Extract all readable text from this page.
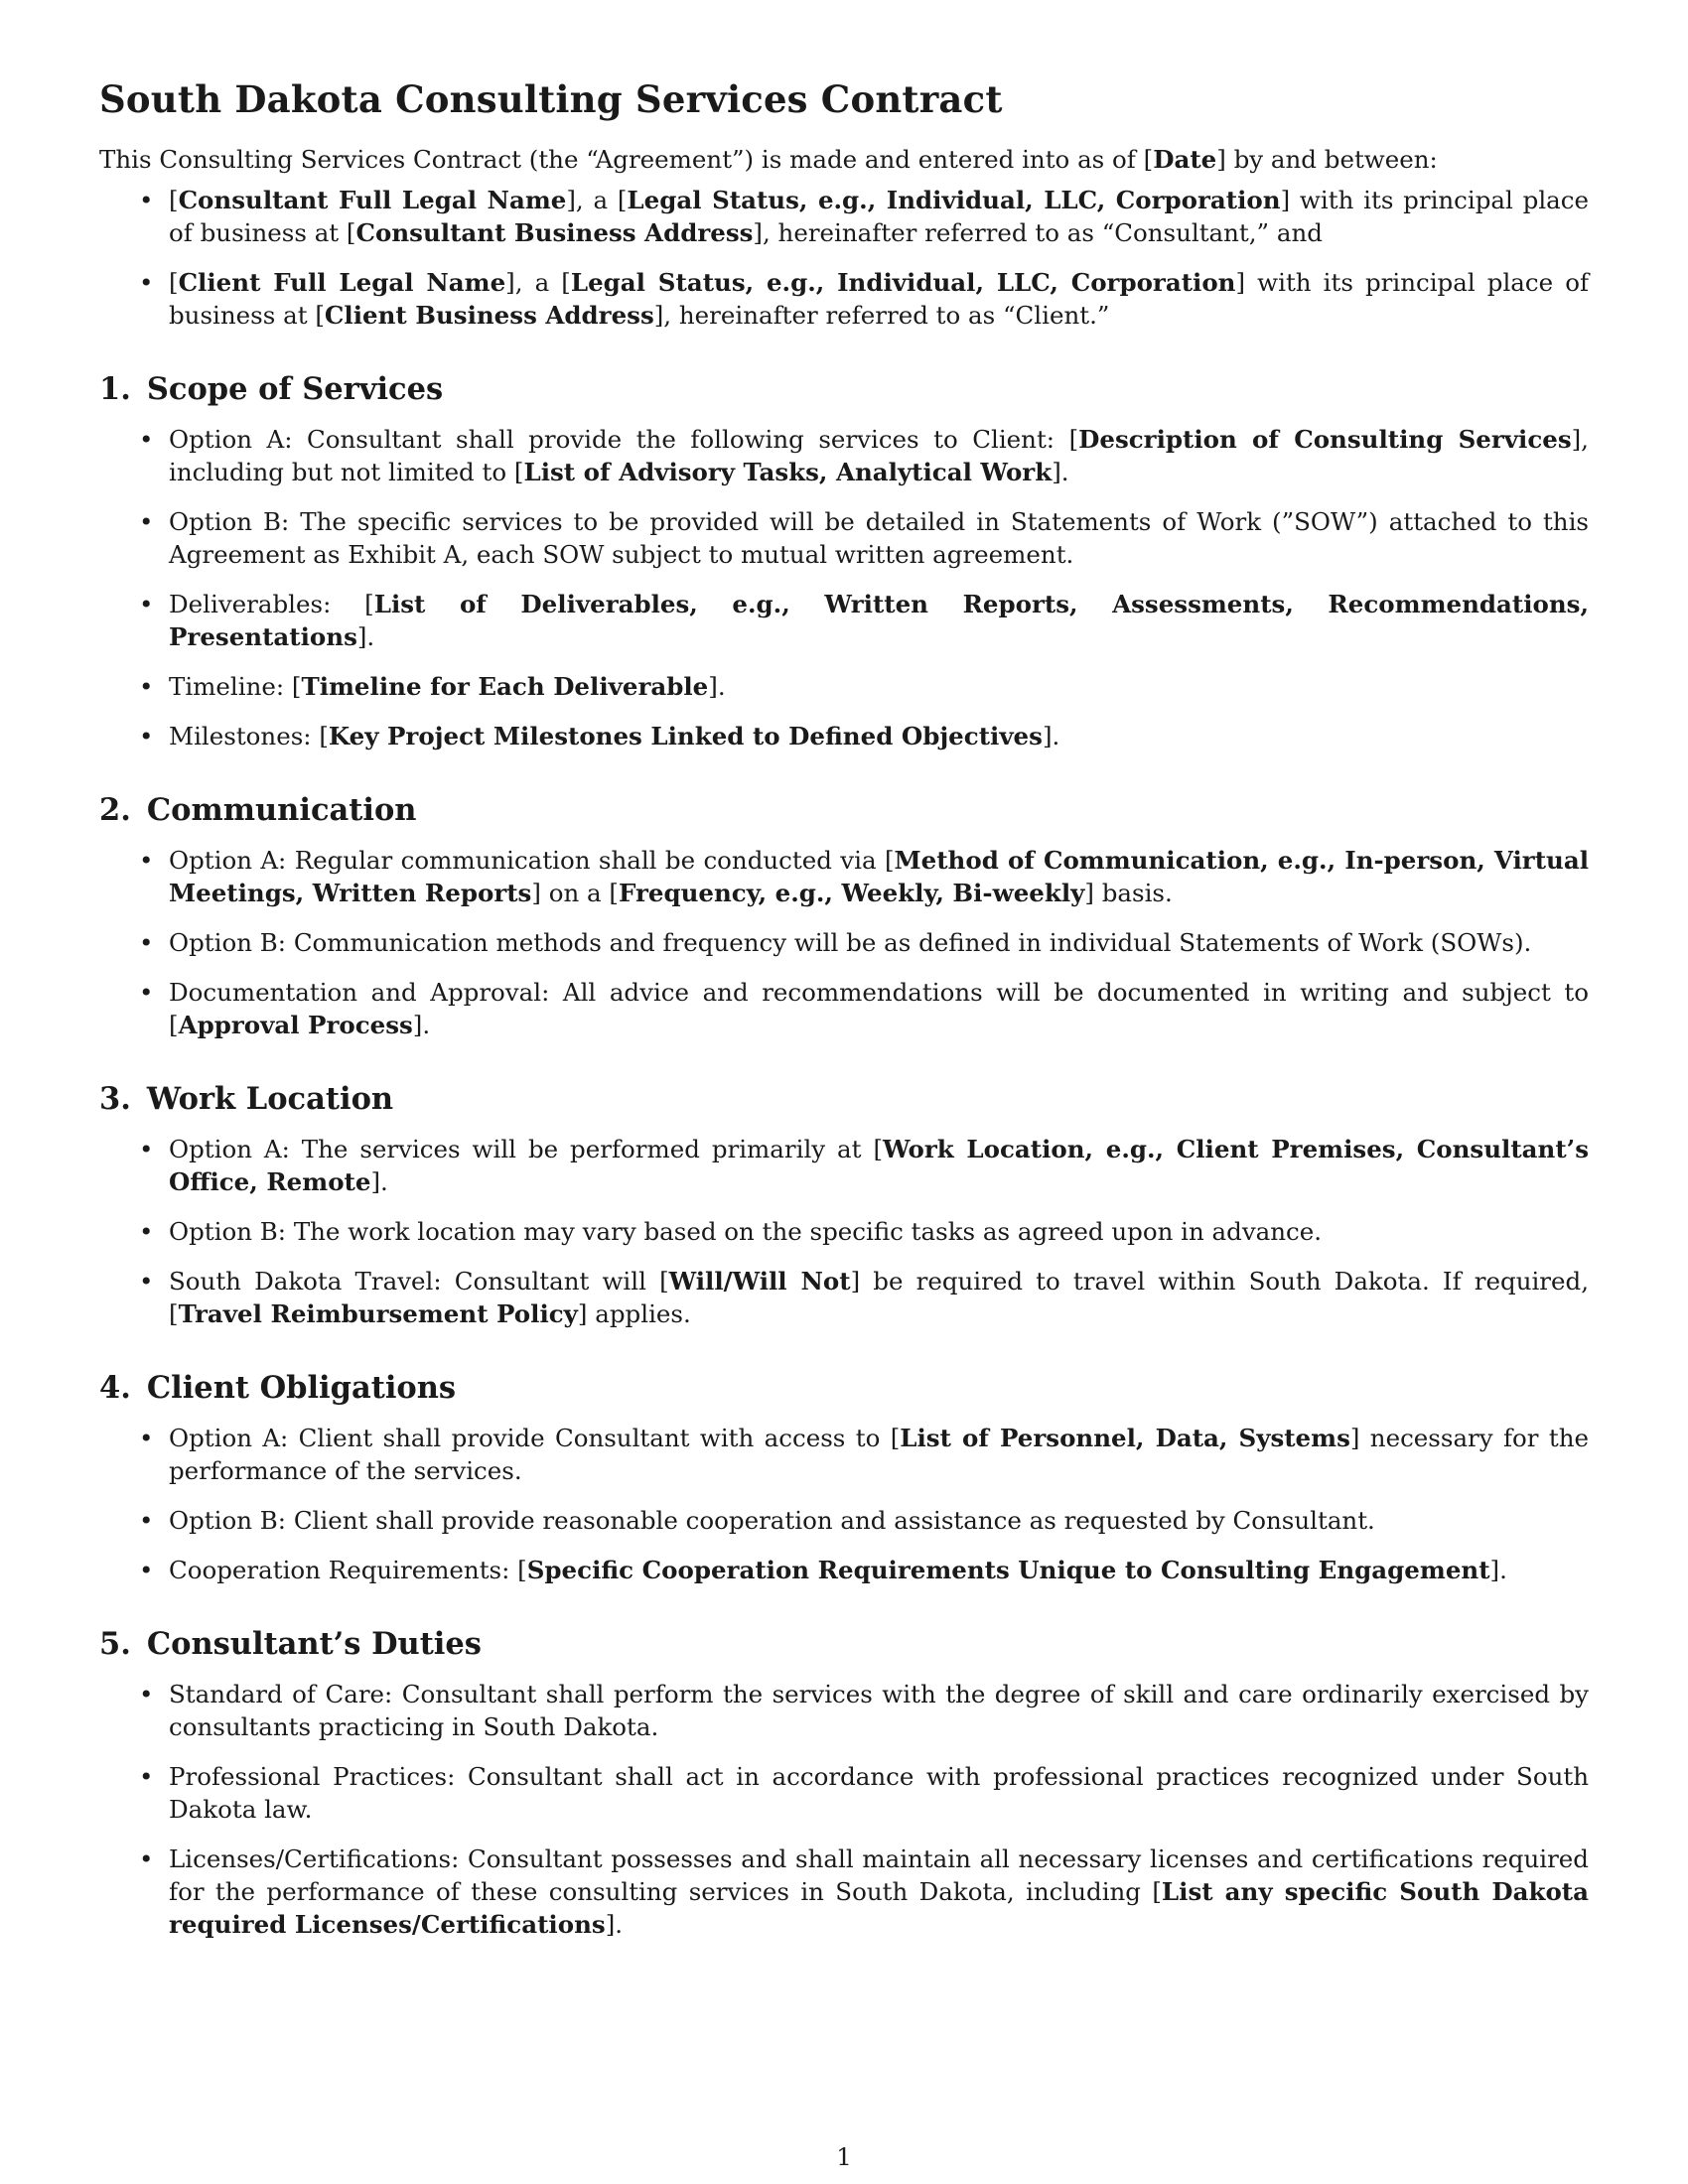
South Dakota Consulting Services Contract

This Consulting Services Contract (the “Agreement”) is made and entered into as of [Date] by and between:

• [Consultant Full Legal Name], a [Legal Status, e.g., Individual, LLC, Corporation] with its principal place of business at [Consultant Business Address], hereinafter referred to as “Consultant,” and
• [Client Full Legal Name], a [Legal Status, e.g., Individual, LLC, Corporation] with its principal place of business at [Client Business Address], hereinafter referred to as “Client.”
1. Scope of Services
• Option A: Consultant shall provide the following services to Client: [Description of Consulting Services], including but not limited to [List of Advisory Tasks, Analytical Work].
• Option B: The specific services to be provided will be detailed in Statements of Work (”SOW”) attached to this Agreement as Exhibit A, each SOW subject to mutual written agreement.
• Deliverables: [List of Deliverables, e.g., Written Reports, Assessments, Recommendations, Presentations].
• Timeline: [Timeline for Each Deliverable].
• Milestones: [Key Project Milestones Linked to Defined Objectives].
2. Communication
• Option A: Regular communication shall be conducted via [Method of Communication, e.g., In-person, Virtual Meetings, Written Reports] on a [Frequency, e.g., Weekly, Bi-weekly] basis.
• Option B: Communication methods and frequency will be as defined in individual Statements of Work (SOWs).
• Documentation and Approval: All advice and recommendations will be documented in writing and subject to [Approval Process].
3. Work Location
• Option A: The services will be performed primarily at [Work Location, e.g., Client Premises, Consultant’s Office, Remote].
• Option B: The work location may vary based on the specific tasks as agreed upon in advance.
• South Dakota Travel: Consultant will [Will/Will Not] be required to travel within South Dakota. If required, [Travel Reimbursement Policy] applies.
4. Client Obligations
• Option A: Client shall provide Consultant with access to [List of Personnel, Data, Systems] necessary for the performance of the services.
• Option B: Client shall provide reasonable cooperation and assistance as requested by Consultant.
• Cooperation Requirements: [Specific Cooperation Requirements Unique to Consulting Engagement].
5. Consultant’s Duties
• Standard of Care: Consultant shall perform the services with the degree of skill and care ordinarily exercised by consultants practicing in South Dakota.
• Professional Practices: Consultant shall act in accordance with professional practices recognized under South Dakota law.
• Licenses/Certifications: Consultant possesses and shall maintain all necessary licenses and certifications required for the performance of these consulting services in South Dakota, including [List any specific South Dakota required Licenses/Certifications].
1
